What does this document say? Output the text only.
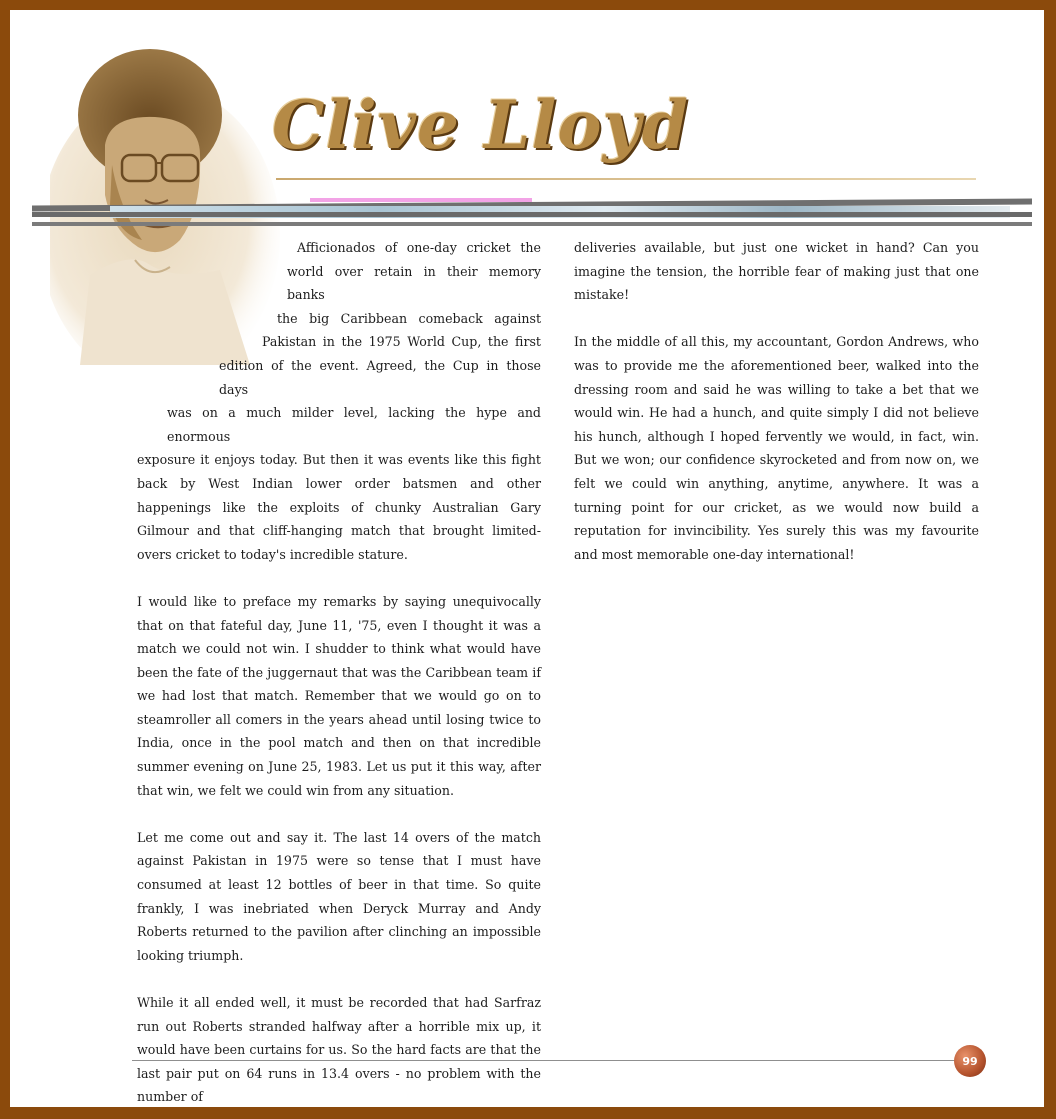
Clive Lloyd

Afficionados of one-day cricket the
world over retain in their memory banks
the big Caribbean comeback against
Pakistan in the 1975 World Cup, the first
edition of the event. Agreed, the Cup in those days
was on a much milder level, lacking the hype and enormous
exposure it enjoys today. But then it was events like this fight back by West Indian lower order batsmen and other happenings like the exploits of chunky Australian Gary Gilmour and that cliff-hanging match that brought limited-overs cricket to today's incredible stature.

I would like to preface my remarks by saying unequivocally that on that fateful day, June 11, '75, even I thought it was a match we could not win. I shudder to think what would have been the fate of the juggernaut that was the Caribbean team if we had lost that match. Remember that we would go on to steamroller all comers in the years ahead until losing twice to India, once in the pool match and then on that incredible summer evening on June 25, 1983. Let us put it this way, after that win, we felt we could win from any situation.

Let me come out and say it. The last 14 overs of the match against Pakistan in 1975 were so tense that I must have consumed at least 12 bottles of beer in that time. So quite frankly, I was inebriated when Deryck Murray and Andy Roberts returned to the pavilion after clinching an impossible looking triumph.

While it all ended well, it must be recorded that had Sarfraz run out Roberts stranded halfway after a horrible mix up, it would have been curtains for us. So the hard facts are that the last pair put on 64 runs in 13.4 overs - no problem with the number of

deliveries available, but just one wicket in hand? Can you imagine the tension, the horrible fear of making just that one mistake!

In the middle of all this, my accountant, Gordon Andrews, who was to provide me the aforementioned beer, walked into the dressing room and said he was willing to take a bet that we would win. He had a hunch, and quite simply I did not believe his hunch, although I hoped fervently we would, in fact, win. But we won; our confidence skyrocketed and from now on, we felt we could win anything, anytime, anywhere. It was a turning point for our cricket, as we would now build a reputation for invincibility. Yes surely this was my favourite and most memorable one-day international!

99
